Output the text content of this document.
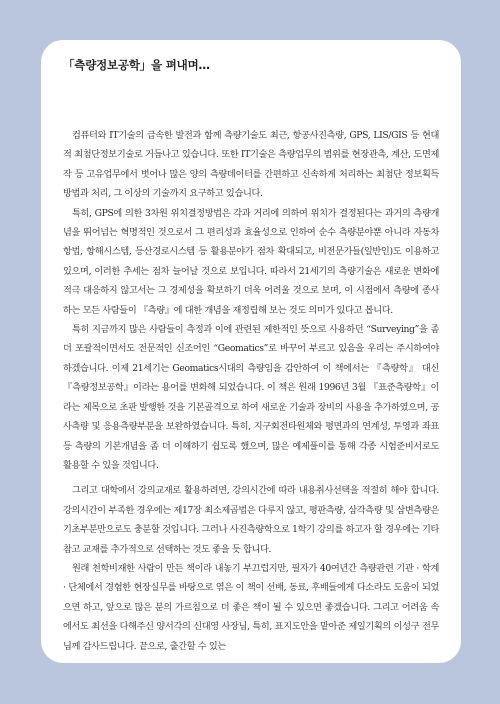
「측량정보공학」을 펴내며…

컴퓨터와 IT기술의 급속한 발전과 함께 측량기술도 최근, 항공사진측량, GPS, LIS/GIS 등 현대적 최첨단정보기술로 거듭나고 있습니다. 또한 IT기술은 측량업무의 범위를 현장관측, 계산, 도면제작 등 고유업무에서 벗어나 많은 양의 측량데이터를 간편하고 신속하게 처리하는 최첨단 정보획득방법과 처리, 그 이상의 기술까지 요구하고 있습니다.

특히, GPS에 의한 3차원 위치결정방법은 각과 거리에 의하여 위치가 결정된다는 과거의 측량개념을 뛰어넘는 혁명적인 것으로서 그 편리성과 효율성으로 인하여 순수 측량분야뿐 아니라 자동차항법, 항해시스템, 등산경로시스템 등 활용분야가 점차 확대되고, 비전문가들(일반인)도 이용하고 있으며, 이러한 추세는 점차 늘어날 것으로 보입니다. 따라서 21세기의 측량기술은 새로운 변화에 적극 대응하지 않고서는 그 경제성을 확보하기 더욱 어려울 것으로 보며, 이 시점에서 측량에 종사하는 모든 사람들이 『측량』에 대한 개념을 재정립해 보는 것도 의미가 있다고 봅니다.

특히 지금까지 많은 사람들이 측정과 이에 관련된 제한적인 뜻으로 사용하던 “Surveying”을 좀더 포괄적이면서도 전문적인 신조어인 “Geomatics”로 바꾸어 부르고 있음을 우리는 주시하여야 하겠습니다. 이제 21세기는 Geomatics시대의 측량임을 감안하여 이 책에서는 『측량학』 대신 『측량정보공학』이라는 용어를 변화해 되었습니다. 이 책은 원래 1996년 3월 『표준측량학』이라는 제목으로 초판 발행한 것을 기본골격으로 하여 새로운 기술과 장비의 사용을 추가하였으며, 공사측량 및 응용측량부분을 보완하였습니다. 특히, 지구회전타원체와 평면과의 연계성, 투영과 좌표 등 측량의 기본개념을 좀 더 이해하기 쉽도록 했으며, 많은 예제풀이를 통해 각종 시험준비서로도 활용할 수 있을 것입니다.

그리고 대학에서 강의교재로 활용하려면, 강의시간에 따라 내용취사선택을 적절히 해야 합니다. 강의시간이 부족한 경우에는 제17장 최소제곱법은 다루지 않고, 평판측량, 삼각측량 및 삼변측량은 기초부분만으로도 충분할 것입니다. 그러나 사진측량학으로 1학기 강의를 하고자 할 경우에는 기타 참고 교재를 추가적으로 선택하는 것도 좋을 듯 합니다.

원래 천학비재한 사람이 만든 책이라 내놓기 부끄럽지만, 필자가 40여년간 측량관련 기관 · 학계 · 단체에서 경험한 현장실무를 바탕으로 엮은 이 책이 선배, 동료, 후배들에게 다소라도 도움이 되었으면 하고, 앞으로 많은 분의 가르침으로 더 좋은 책이 될 수 있으면 좋겠습니다. 그리고 어려움 속에서도 최선을 다해주신 양서각의 신대영 사장님, 특히, 표지도안을 맡아준 제일기획의 이성구 전무님께 감사드립니다. 끝으로, 출간할 수 있는
